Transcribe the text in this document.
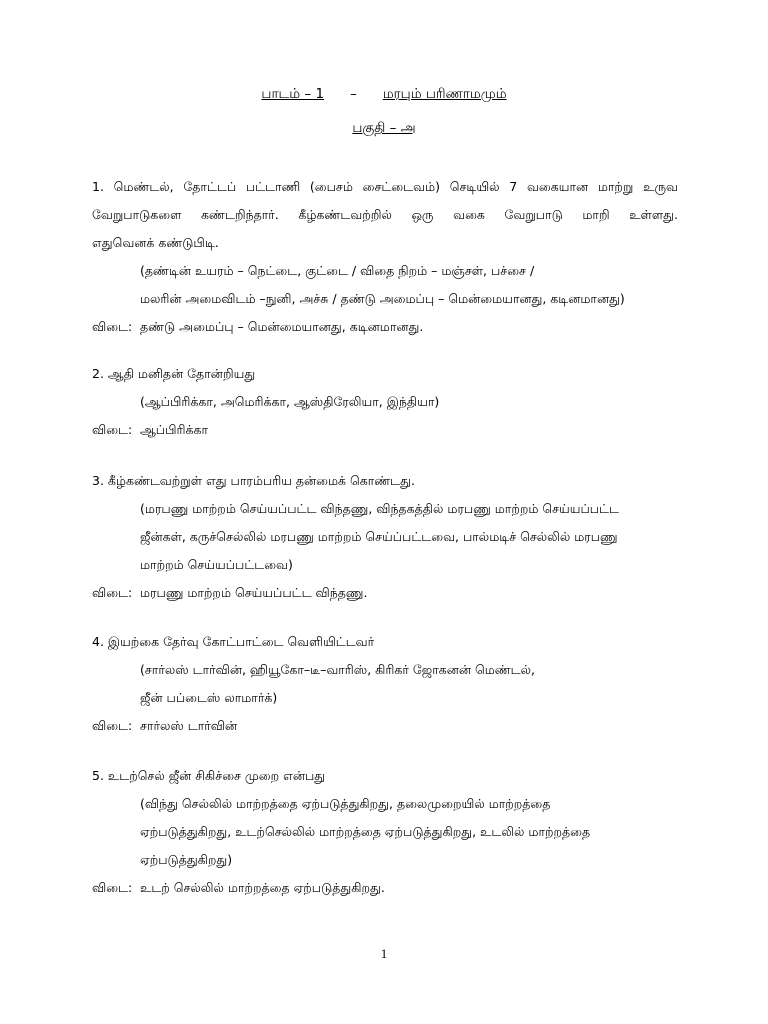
பாடம் – 1 – மரபும் பரிணாமமும்
பகுதி – அ
1. மெண்டல், தோட்டப் பட்டாணி (பைசம் சைட்டைவம்) செடியில் 7 வகையான மாற்று உருவ
வேறுபாடுகளை கண்டறிந்தார். கீழ்கண்டவற்றில் ஒரு வகை வேறுபாடு மாறி உள்ளது.
எதுவெனக் கண்டுபிடி.
(தண்டின் உயரம் – நெட்டை, குட்டை / விதை நிறம் – மஞ்சள், பச்சை /
மலரின் அமைவிடம் –நுனி, அச்சு / தண்டு அமைப்பு – மென்மையானது, கடினமானது)
விடை: தண்டு அமைப்பு – மென்மையானது, கடினமானது.
2. ஆதி மனிதன் தோன்றியது
(ஆப்பிரிக்கா, அமெரிக்கா, ஆஸ்திரேலியா, இந்தியா)
விடை: ஆப்பிரிக்கா
3. கீழ்கண்டவற்றுள் எது பாரம்பரிய தன்மைக் கொண்டது.
(மரபணு மாற்றம் செய்யப்பட்ட விந்தணு, விந்தகத்தில் மரபணு மாற்றம் செய்யப்பட்ட
ஜீன்கள், கருச்செல்லில் மரபணு மாற்றம் செய்ப்பட்டவை, பால்மடிச் செல்லில் மரபணு
மாற்றம் செய்யப்பட்டவை)
விடை: மரபணு மாற்றம் செய்யப்பட்ட விந்தணு.
4. இயற்கை தேர்வு கோட்பாட்டை வெளியிட்டவர்
(சார்லஸ் டார்வின், ஹியூகோ–டீ–வாரிஸ், கிரிகர் ஜோகனன் மெண்டல்,
ஜீன் பப்டைஸ் லாமார்க்)
விடை: சார்லஸ் டார்வின்
5. உடற்செல் ஜீன் சிகிச்சை முறை என்பது
(விந்து செல்லில் மாற்றத்தை ஏற்படுத்துகிறது, தலைமுறையில் மாற்றத்தை
ஏற்படுத்துகிறது, உடற்செல்லில் மாற்றத்தை ஏற்படுத்துகிறது, உடலில் மாற்றத்தை
ஏற்படுத்துகிறது)
விடை: உடற் செல்லில் மாற்றத்தை ஏற்படுத்துகிறது.
1
